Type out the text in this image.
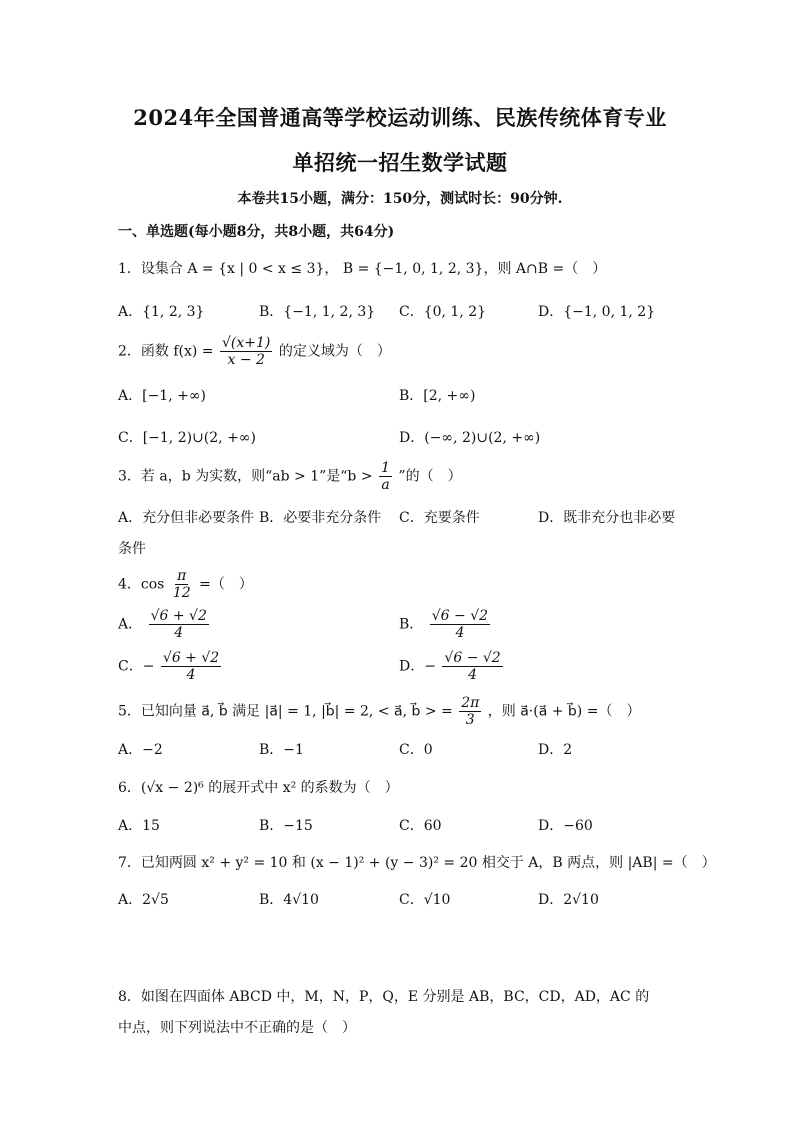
2024年全国普通高等学校运动训练、民族传统体育专业
单招统一招生数学试题
本卷共15小题，满分：150分，测试时长：90分钟.
一、单选题(每小题8分，共8小题，共64分)
1．设集合 A = {x | 0 < x ≤ 3}， B = {−1, 0, 1, 2, 3}，则 A∩B =（　）
A．{1, 2, 3}	B．{−1, 1, 2, 3} C．{0, 1, 2}	D．{−1, 0, 1, 2}
2．函数 $f(x) = \frac{√(x+1)}{x - 2}$ 的定义域为（　）
A．[−1, +∞)	B．[2, +∞)
C．[−1, 2)∪(2, +∞)	D．(−∞, 2)∪(2, +∞)
3．若 a，b 为实数，则“ab > 1”是“$b > \frac{1}{a}$ ”的（　）
A．充分但非必要条件 B．必要非充分条件 C．充要条件	D．既非充分也非必要
条件
4．$\cos \frac{\pi}{12}$ =（　）
A． $\frac{√6 + √2}{4}$	B． $\frac{√6 - √2}{4}$
C．− $\frac{√6 + √2}{4}$	D．− $\frac{√6 - √2}{4}$
5．已知向量 a⃗, b⃗ 满足 |a⃗| = 1, |b⃗| = 2, < a⃗, b⃗ > = $\frac{2\pi}{3}$ ，则 a⃗·(a⃗ + b⃗) =（　）
A．−2	B．−1	C．0	D．2
6．(√x − 2)⁶ 的展开式中 x² 的系数为（　）
A．15	B．−15	C．60	D．−60
7．已知两圆 x² + y² = 10 和 (x − 1)² + (y − 3)² = 20 相交于 A，B 两点，则 |AB| =（　）
A．2√5	B．4√10	C．√10	D．2√10
8．如图在四面体 ABCD 中，M，N，P，Q，E 分别是 AB，BC，CD，AD，AC 的
中点，则下列说法中不正确的是（　）
